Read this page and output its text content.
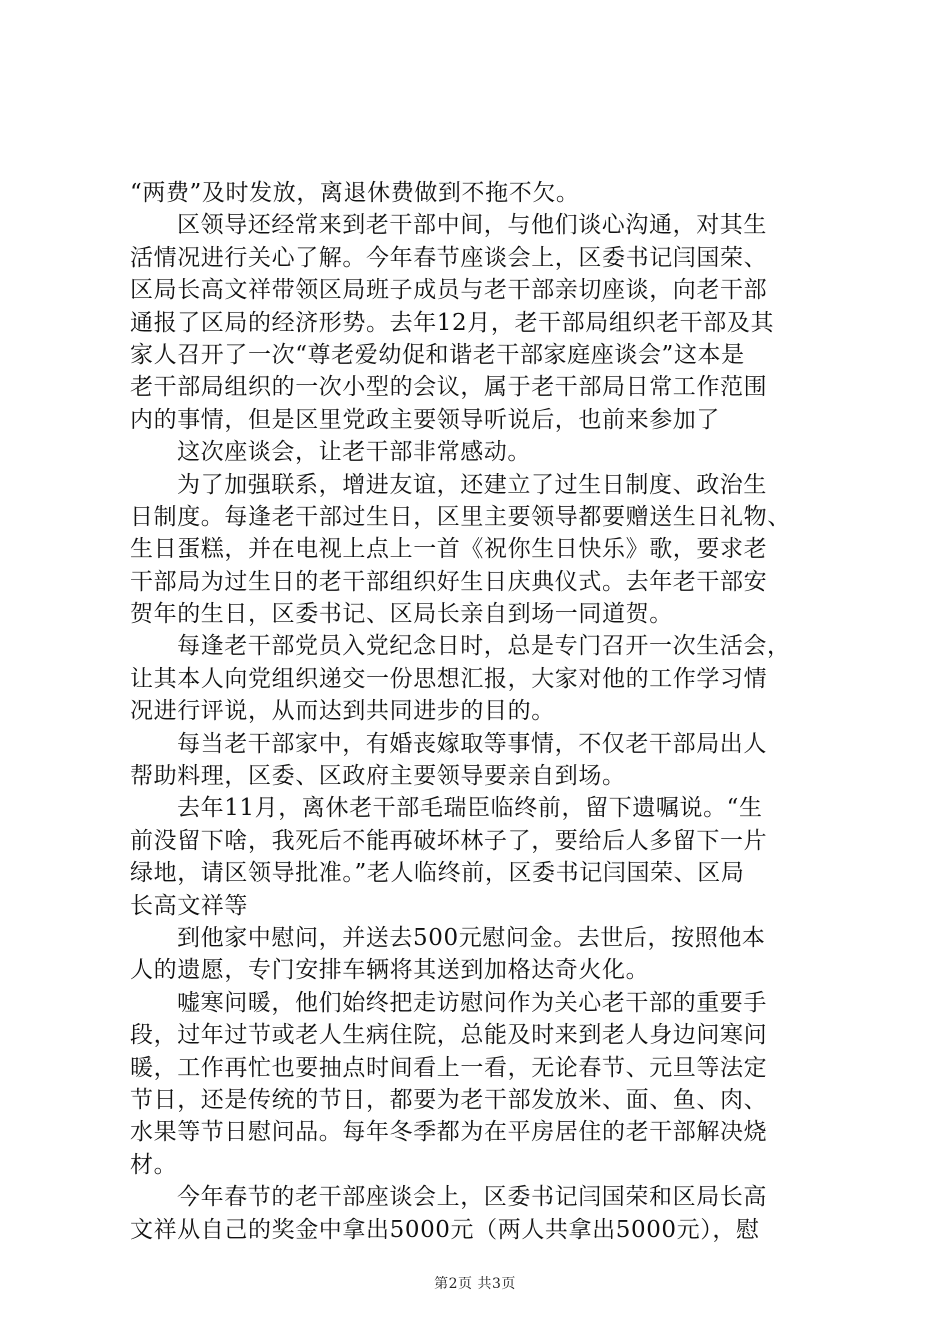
“两费”及时发放，离退休费做到不拖不欠。
区领导还经常来到老干部中间，与他们谈心沟通，对其生
活情况进行关心了解。今年春节座谈会上，区委书记闫国荣、
区局长高文祥带领区局班子成员与老干部亲切座谈，向老干部
通报了区局的经济形势。去年12月，老干部局组织老干部及其
家人召开了一次“尊老爱幼促和谐老干部家庭座谈会”这本是
老干部局组织的一次小型的会议，属于老干部局日常工作范围
内的事情，但是区里党政主要领导听说后，也前来参加了
这次座谈会，让老干部非常感动。
为了加强联系，增进友谊，还建立了过生日制度、政治生
日制度。每逢老干部过生日，区里主要领导都要赠送生日礼物、
生日蛋糕，并在电视上点上一首《祝你生日快乐》歌，要求老
干部局为过生日的老干部组织好生日庆典仪式。去年老干部安
贺年的生日，区委书记、区局长亲自到场一同道贺。
每逢老干部党员入党纪念日时，总是专门召开一次生活会，
让其本人向党组织递交一份思想汇报，大家对他的工作学习情
况进行评说，从而达到共同进步的目的。
每当老干部家中，有婚丧嫁取等事情，不仅老干部局出人
帮助料理，区委、区政府主要领导要亲自到场。
去年11月，离休老干部毛瑞臣临终前，留下遗嘱说。“生
前没留下啥，我死后不能再破坏林子了，要给后人多留下一片
绿地，请区领导批准。”老人临终前，区委书记闫国荣、区局
长高文祥等
到他家中慰问，并送去500元慰问金。去世后，按照他本
人的遗愿，专门安排车辆将其送到加格达奇火化。
嘘寒问暖，他们始终把走访慰问作为关心老干部的重要手
段，过年过节或老人生病住院，总能及时来到老人身边问寒问
暖，工作再忙也要抽点时间看上一看，无论春节、元旦等法定
节日，还是传统的节日，都要为老干部发放米、面、鱼、肉、
水果等节日慰问品。每年冬季都为在平房居住的老干部解决烧
材。
今年春节的老干部座谈会上，区委书记闫国荣和区局长高
文祥从自己的奖金中拿出5000元（两人共拿出5000元），慰
第2页 共3页
